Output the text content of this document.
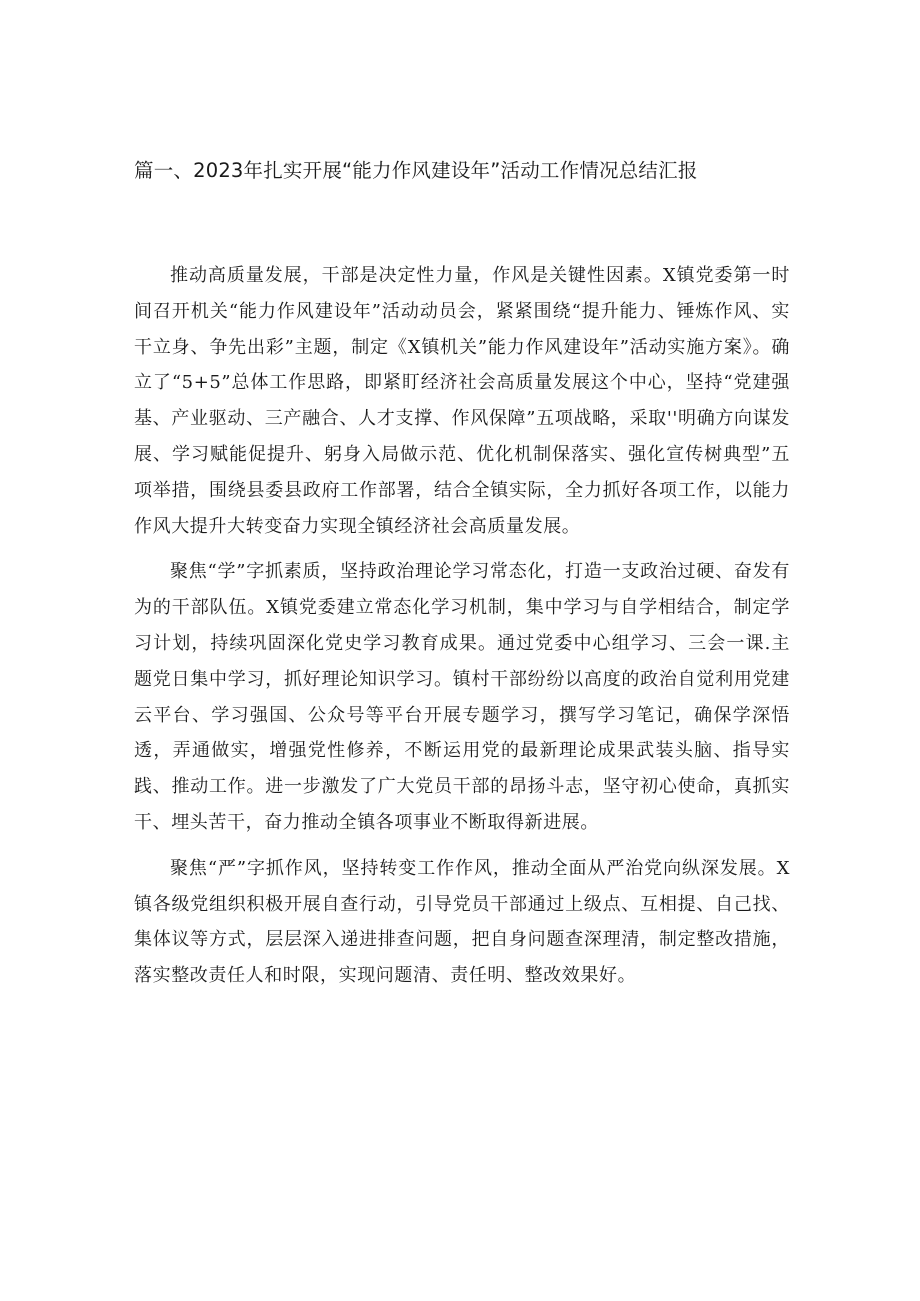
篇一、2023年扎实开展“能力作风建设年”活动工作情况总结汇报

推动高质量发展，干部是决定性力量，作风是关键性因素。X镇党委第一时间召开机关“能力作风建设年”活动动员会，紧紧围绕“提升能力、锤炼作风、实干立身、争先出彩”主题，制定《X镇机关”能力作风建设年”活动实施方案》。确立了“5+5”总体工作思路，即紧盯经济社会高质量发展这个中心，坚持“党建强基、产业驱动、三产融合、人才支撑、作风保障”五项战略，采取''明确方向谋发展、学习赋能促提升、躬身入局做示范、优化机制保落实、强化宣传树典型”五项举措，围绕县委县政府工作部署，结合全镇实际，全力抓好各项工作，以能力作风大提升大转变奋力实现全镇经济社会高质量发展。

聚焦“学”字抓素质，坚持政治理论学习常态化，打造一支政治过硬、奋发有为的干部队伍。X镇党委建立常态化学习机制，集中学习与自学相结合，制定学习计划，持续巩固深化党史学习教育成果。通过党委中心组学习、三会一课.主题党日集中学习，抓好理论知识学习。镇村干部纷纷以高度的政治自觉利用党建云平台、学习强国、公众号等平台开展专题学习，撰写学习笔记，确保学深悟透，弄通做实，增强党性修养，不断运用党的最新理论成果武装头脑、指导实践、推动工作。进一步激发了广大党员干部的昂扬斗志，坚守初心使命，真抓实干、埋头苦干，奋力推动全镇各项事业不断取得新进展。

聚焦“严”字抓作风，坚持转变工作作风，推动全面从严治党向纵深发展。X镇各级党组织积极开展自查行动，引导党员干部通过上级点、互相提、自己找、集体议等方式，层层深入递进排查问题，把自身问题查深理清，制定整改措施，落实整改责任人和时限，实现问题清、责任明、整改效果好。
